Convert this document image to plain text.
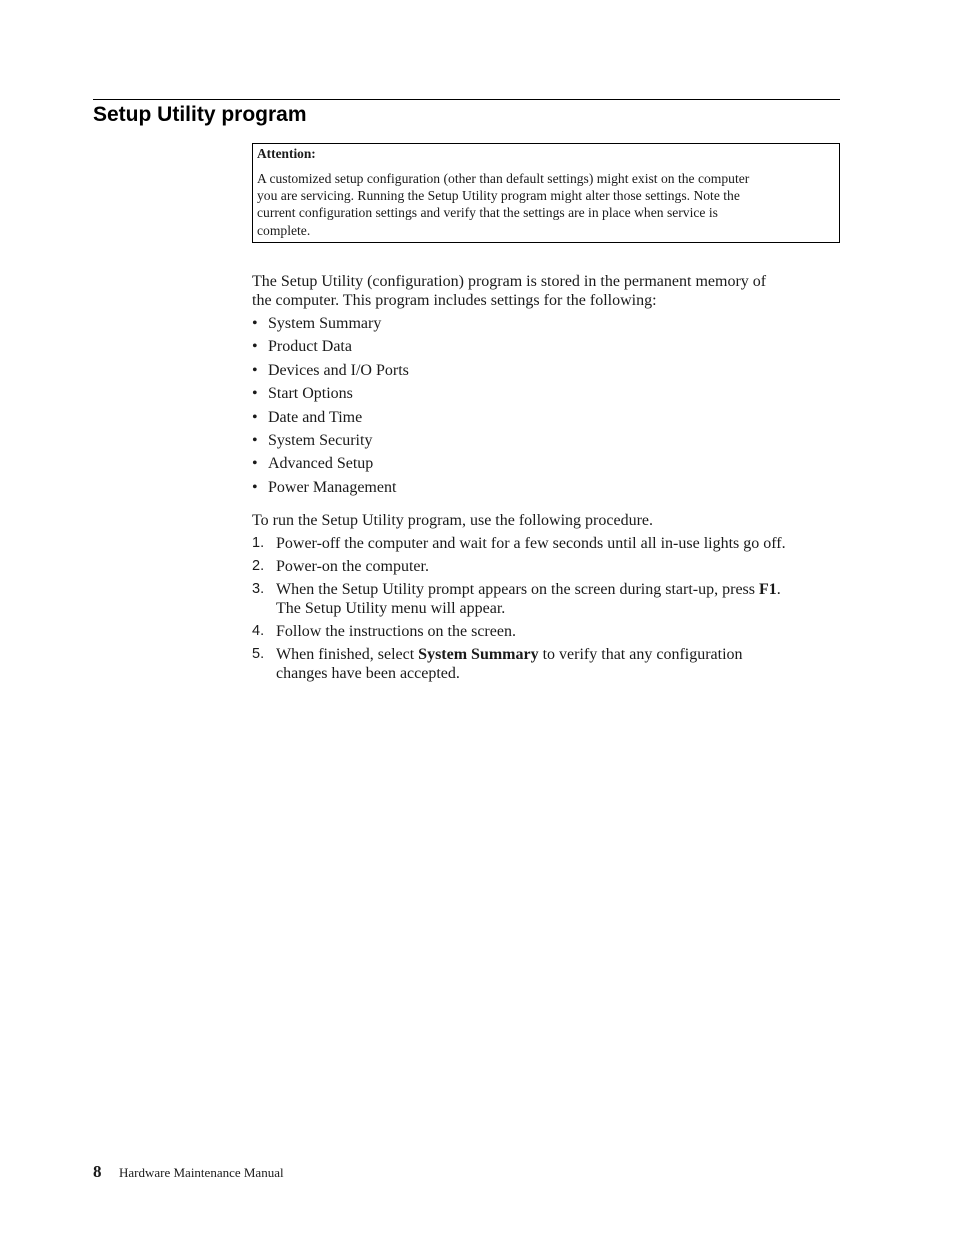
Setup Utility program
Attention:
A customized setup configuration (other than default settings) might exist on the computer
you are servicing. Running the Setup Utility program might alter those settings. Note the
current configuration settings and verify that the settings are in place when service is
complete.

The Setup Utility (configuration) program is stored in the permanent memory of
the computer. This program includes settings for the following:

• System Summary
• Product Data
• Devices and I/O Ports
• Start Options
• Date and Time
• System Security
• Advanced Setup
• Power Management

To run the Setup Utility program, use the following procedure.

1. Power-off the computer and wait for a few seconds until all in-use lights go off.
2. Power-on the computer.
3. When the Setup Utility prompt appears on the screen during start-up, press F1.
The Setup Utility menu will appear.
4. Follow the instructions on the screen.
5. When finished, select System Summary to verify that any configuration
changes have been accepted.
8 Hardware Maintenance Manual
